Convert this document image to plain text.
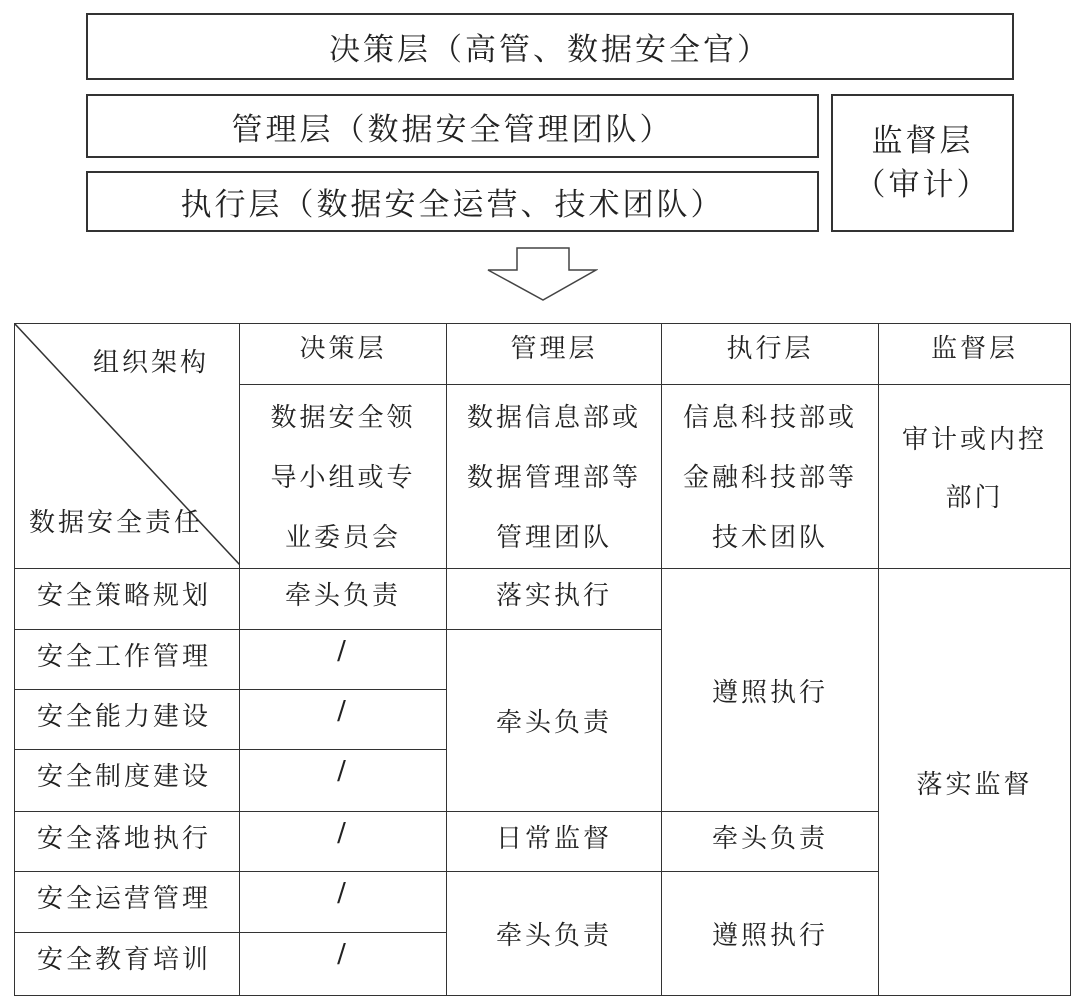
决策层（高管、数据安全官）
管理层（数据安全管理团队）
执行层（数据安全运营、技术团队）
监督层
（审计）
组织架构
数据安全责任	决策层	管理层	执行层	监督层
	数据安全领
导小组或专
业委员会	数据信息部或
数据管理部等
管理团队	信息科技部或
金融科技部等
技术团队	审计或内控
部门
安全策略规划	牵头负责	落实执行	遵照执行	落实监督
安全工作管理	/	牵头负责		
安全能力建设	/			
安全制度建设	/			
安全落地执行	/	日常监督	牵头负责	
安全运营管理	/	牵头负责	遵照执行	
安全教育培训	/			
